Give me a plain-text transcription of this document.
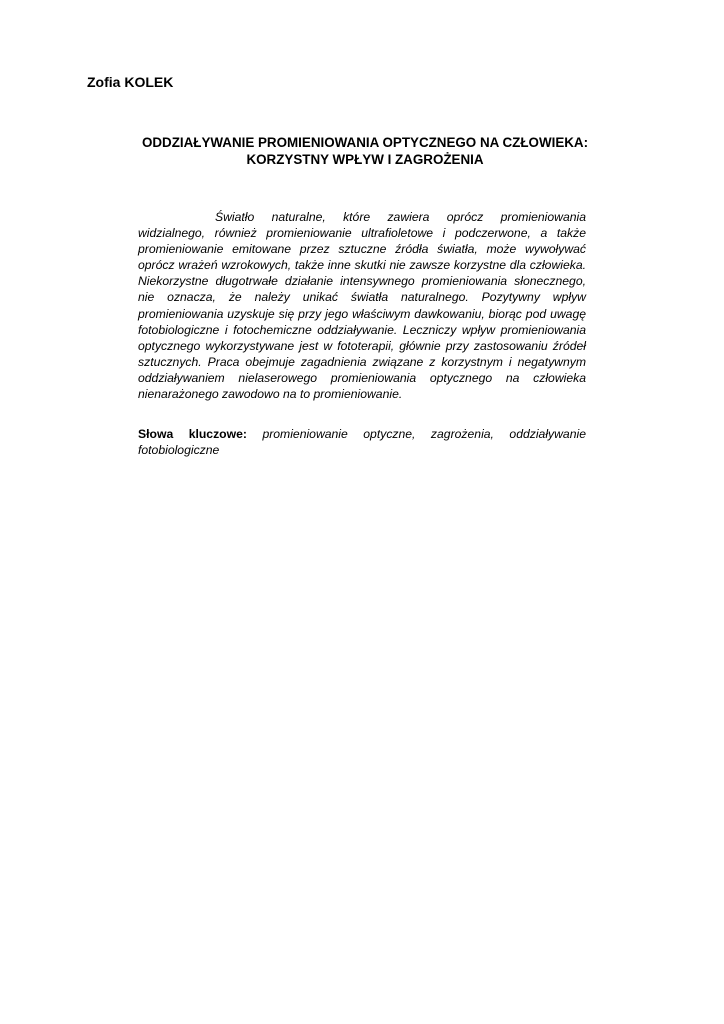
Zofia KOLEK
ODDZIAŁYWANIE PROMIENIOWANIA OPTYCZNEGO NA CZŁOWIEKA:
KORZYSTNY WPŁYW I ZAGROŻENIA

Światło naturalne, które zawiera oprócz promieniowania widzialnego, również promieniowanie ultrafioletowe i podczerwone, a także promieniowanie emitowane przez sztuczne źródła światła, może wywoływać oprócz wrażeń wzrokowych, także inne skutki nie zawsze korzystne dla człowieka. Niekorzystne długotrwałe działanie intensywnego promieniowania słonecznego, nie oznacza, że należy unikać światła naturalnego. Pozytywny wpływ promieniowania uzyskuje się przy jego właściwym dawkowaniu, biorąc pod uwagę fotobiologiczne i fotochemiczne oddziaływanie. Leczniczy wpływ promieniowania optycznego wykorzystywane jest w fototerapii, głównie przy zastosowaniu źródeł sztucznych. Praca obejmuje zagadnienia związane z korzystnym i negatywnym oddziaływaniem nielaserowego promieniowania optycznego na człowieka nienarażonego zawodowo na to promieniowanie.

Słowa kluczowe: promieniowanie optyczne, zagrożenia, oddziaływanie fotobiologiczne
